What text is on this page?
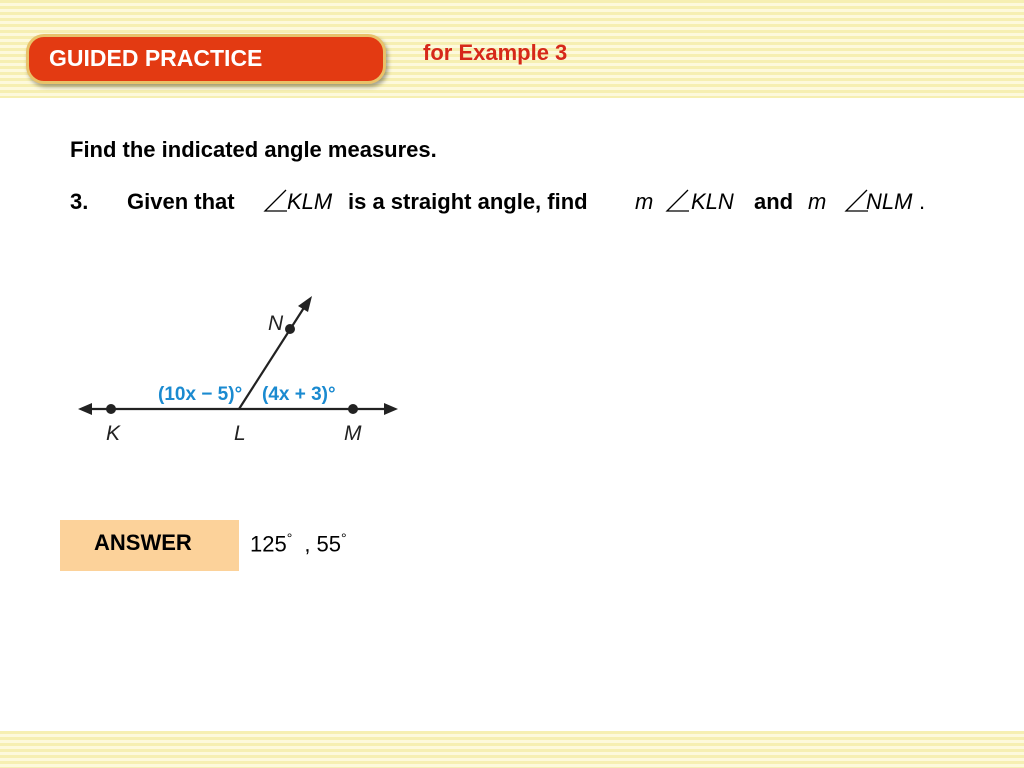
GUIDED PRACTICE	for Example 3
Find the indicated angle measures.
3. Given that KLM is a straight angle, find m KLN and m NLM .
K	L	M
N
(10x − 5)° (4x + 3)°
ANSWER	125° , 55°
